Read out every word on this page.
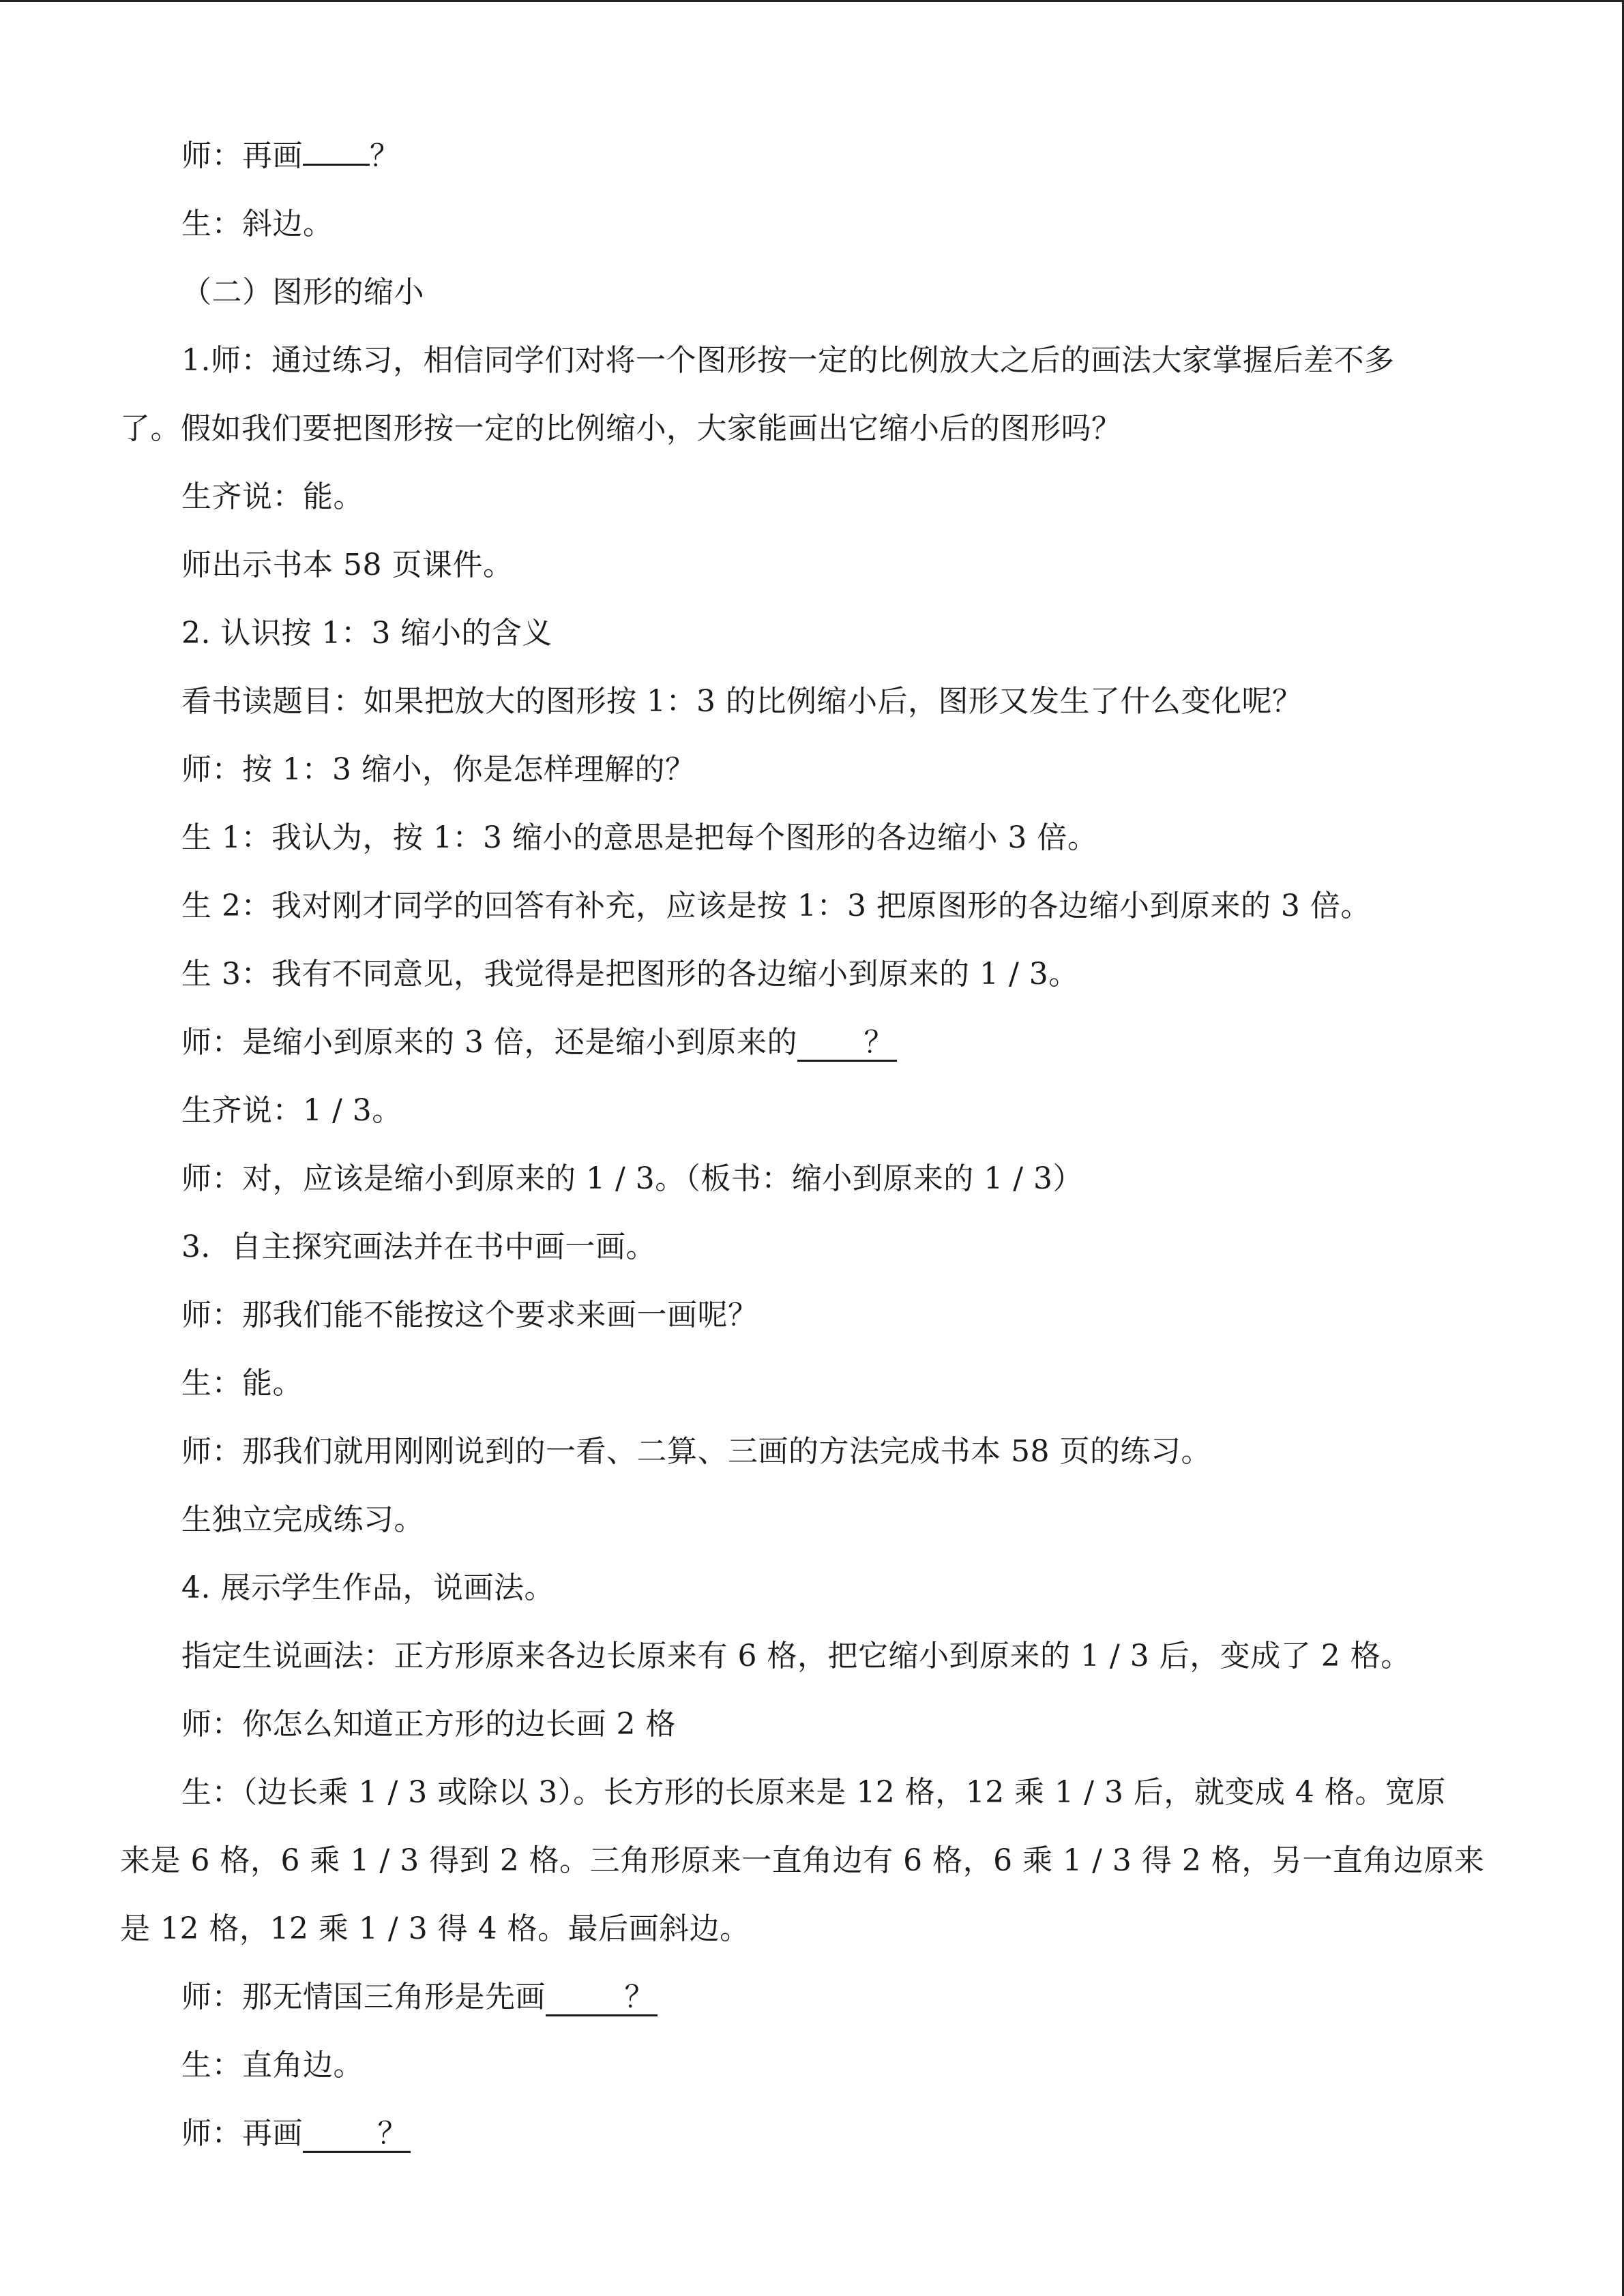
师：再画 ？
生：斜边。
（二）图形的缩小
1.师：通过练习，相信同学们对将一个图形按一定的比例放大之后的画法大家掌握后差不多
了。假如我们要把图形按一定的比例缩小，大家能画出它缩小后的图形吗？
生齐说：能。
师出示书本 58 页课件。
2. 认识按 1：3 缩小的含义
看书读题目：如果把放大的图形按 1：3 的比例缩小后，图形又发生了什么变化呢？
师：按 1：3 缩小，你是怎样理解的？
生 1：我认为，按 1：3 缩小的意思是把每个图形的各边缩小 3 倍。
生 2：我对刚才同学的回答有补充，应该是按 1：3 把原图形的各边缩小到原来的 3 倍。
生 3：我有不同意见，我觉得是把图形的各边缩小到原来的 1 / 3。
师：是缩小到原来的 3 倍，还是缩小到原来的 ？
生齐说：1 / 3。
师：对，应该是缩小到原来的 1 / 3。（板书：缩小到原来的 1 / 3）
3．自主探究画法并在书中画一画。
师：那我们能不能按这个要求来画一画呢？
生：能。
师：那我们就用刚刚说到的一看、二算、三画的方法完成书本 58 页的练习。
生独立完成练习。
4. 展示学生作品，说画法。
指定生说画法：正方形原来各边长原来有 6 格，把它缩小到原来的 1 / 3 后，变成了 2 格。
师：你怎么知道正方形的边长画 2 格
生：（边长乘 1 / 3 或除以 3）。长方形的长原来是 12 格，12 乘 1 / 3 后，就变成 4 格。宽原
来是 6 格，6 乘 1 / 3 得到 2 格。三角形原来一直角边有 6 格，6 乘 1 / 3 得 2 格，另一直角边原来
是 12 格，12 乘 1 / 3 得 4 格。最后画斜边。
师：那无情国三角形是先画	？
生：直角边。
师：再画 ？
